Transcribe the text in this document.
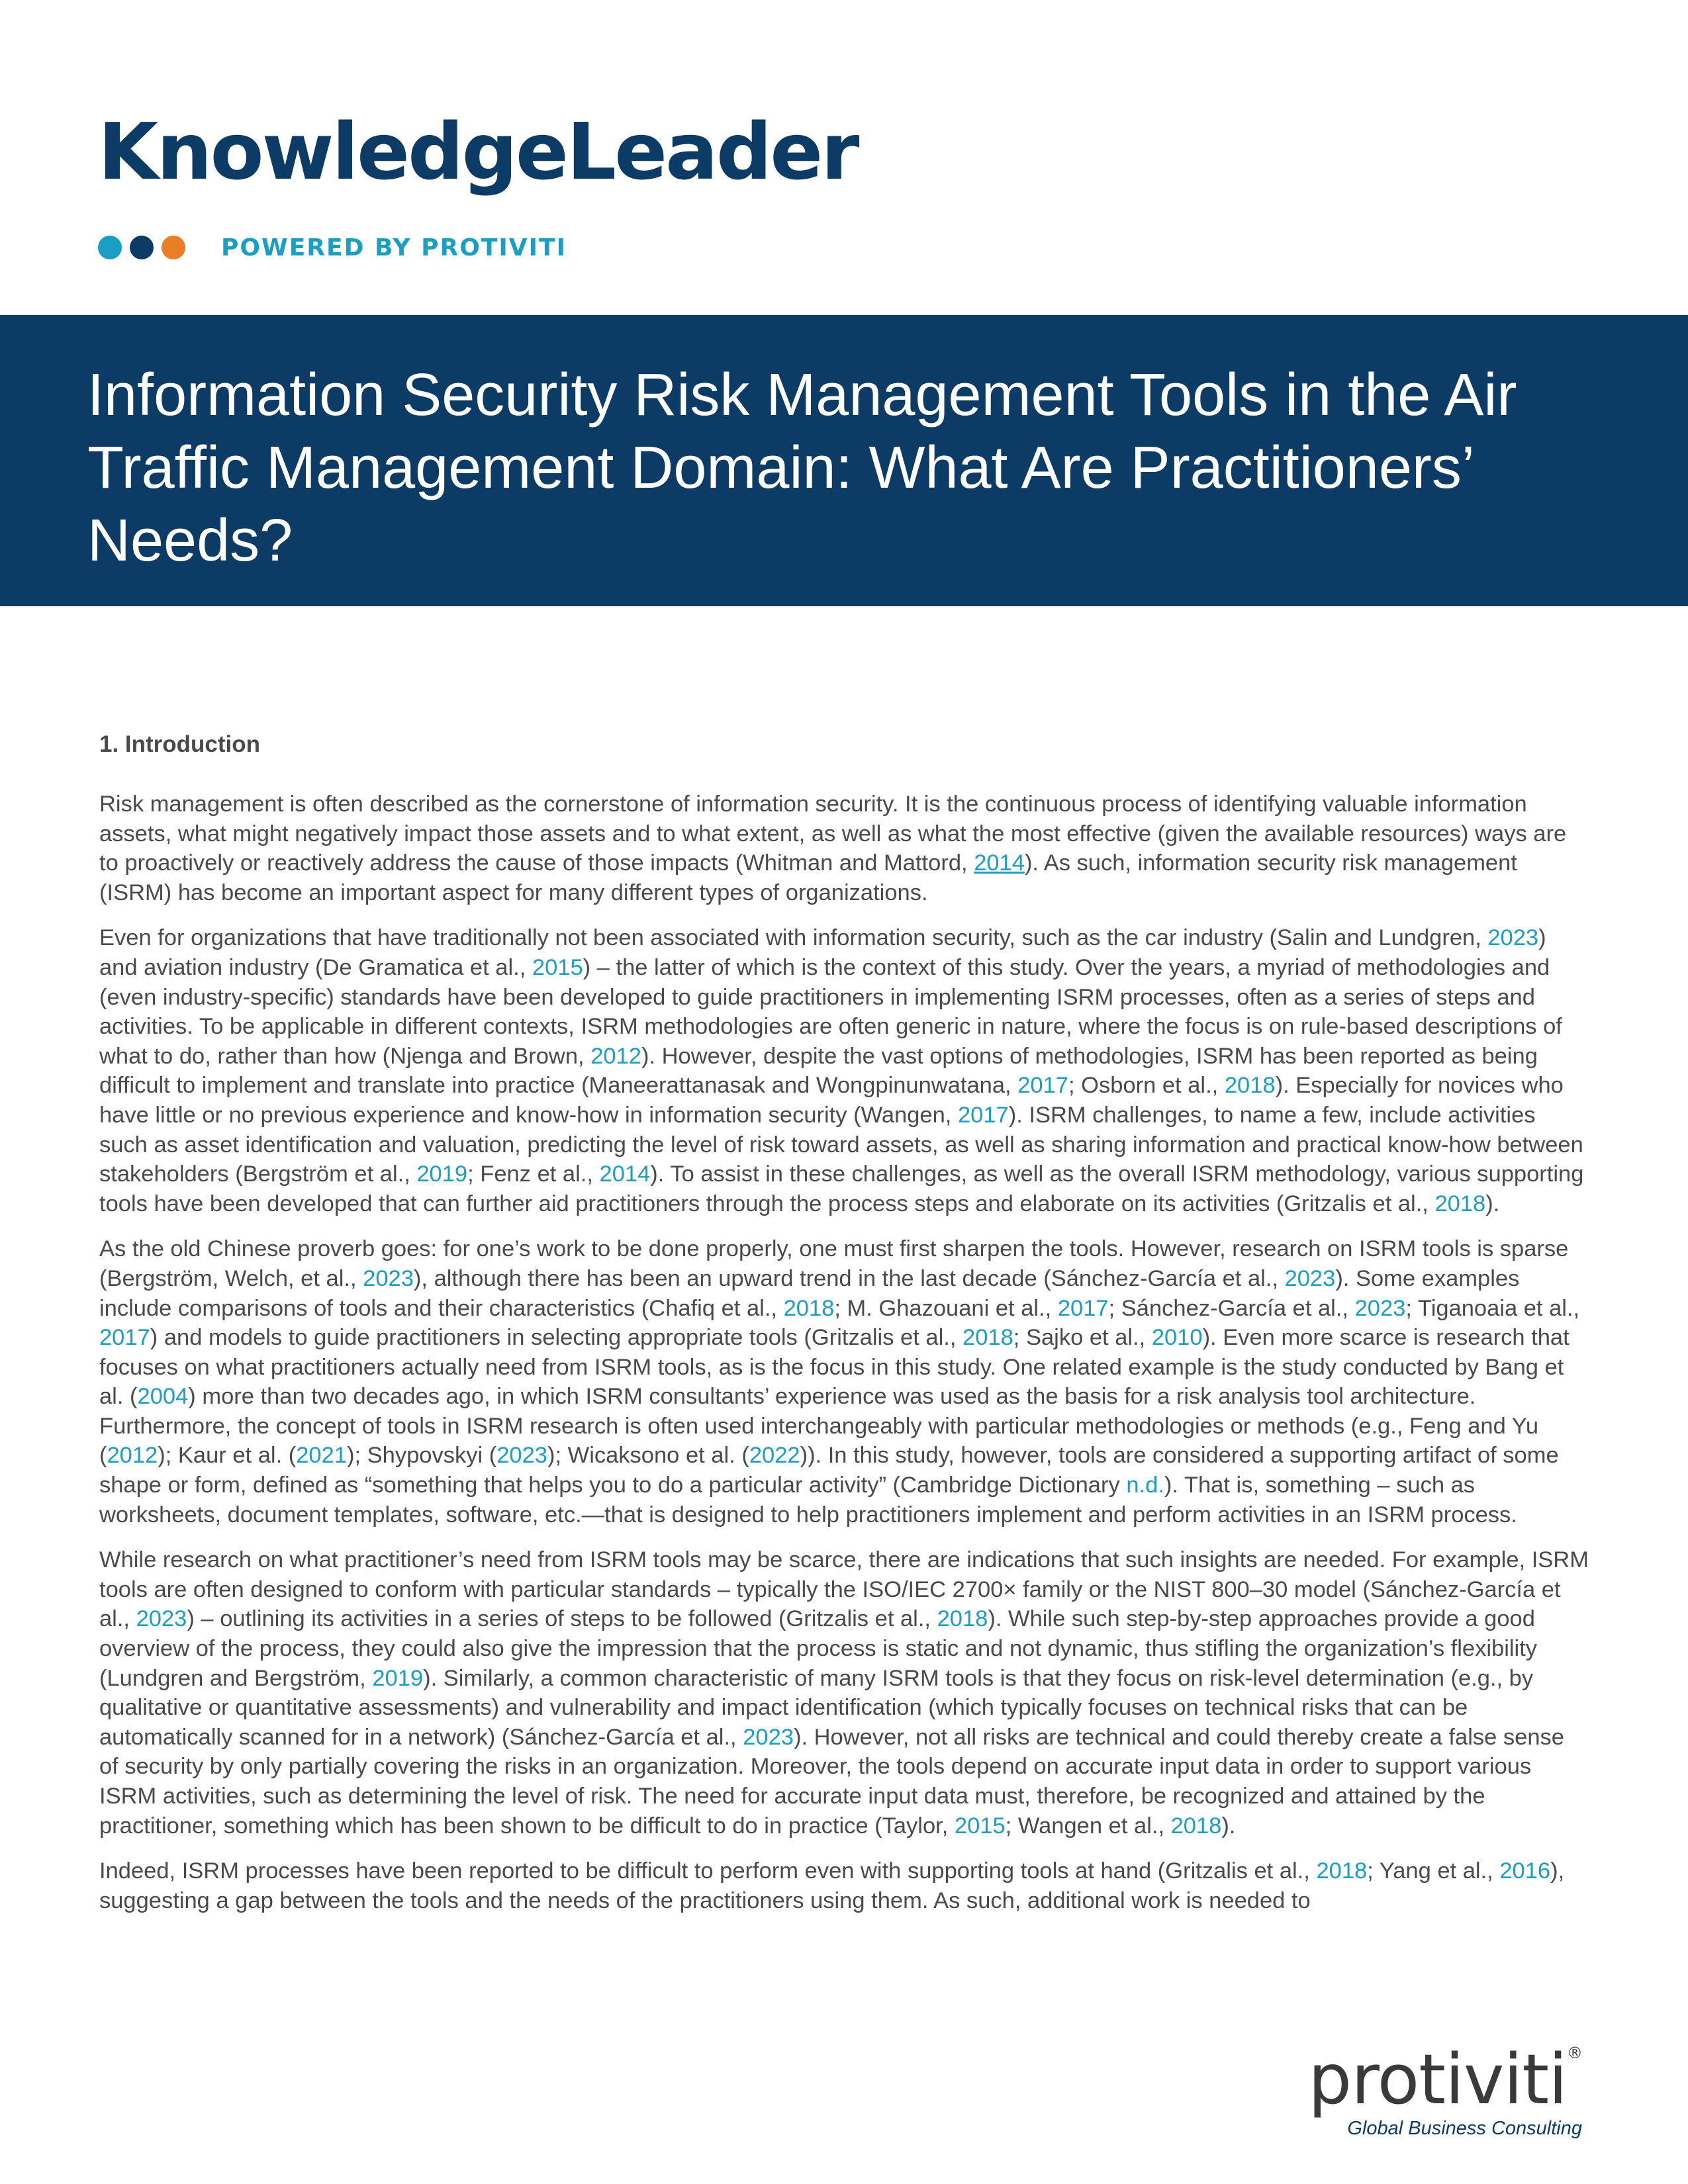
KnowledgeLeader
POWERED BY PROTIVITI
Information Security Risk Management Tools in the Air Traffic Management Domain: What Are Practitioners’ Needs?
1. Introduction

Risk management is often described as the cornerstone of information security. It is the continuous process of identifying valuable information assets, what might negatively impact those assets and to what extent, as well as what the most effective (given the available resources) ways are to proactively or reactively address the cause of those impacts (Whitman and Mattord, 2014). As such, information security risk management (ISRM) has become an important aspect for many different types of organizations.

Even for organizations that have traditionally not been associated with information security, such as the car industry (Salin and Lundgren, 2023) and aviation industry (De Gramatica et al., 2015) – the latter of which is the context of this study. Over the years, a myriad of methodologies and (even industry-specific) standards have been developed to guide practitioners in implementing ISRM processes, often as a series of steps and activities. To be applicable in different contexts, ISRM methodologies are often generic in nature, where the focus is on rule-based descriptions of what to do, rather than how (Njenga and Brown, 2012). However, despite the vast options of methodologies, ISRM has been reported as being difficult to implement and translate into practice (Maneerattanasak and Wongpinunwatana, 2017; Osborn et al., 2018). Especially for novices who have little or no previous experience and know-how in information security (Wangen, 2017). ISRM challenges, to name a few, include activities such as asset identification and valuation, predicting the level of risk toward assets, as well as sharing information and practical know-how between stakeholders (Bergström et al., 2019; Fenz et al., 2014). To assist in these challenges, as well as the overall ISRM methodology, various supporting tools have been developed that can further aid practitioners through the process steps and elaborate on its activities (Gritzalis et al., 2018).

As the old Chinese proverb goes: for one’s work to be done properly, one must first sharpen the tools. However, research on ISRM tools is sparse (Bergström, Welch, et al., 2023), although there has been an upward trend in the last decade (Sánchez-García et al., 2023). Some examples include comparisons of tools and their characteristics (Chafiq et al., 2018; M. Ghazouani et al., 2017; Sánchez-García et al., 2023; Tiganoaia et al., 2017) and models to guide practitioners in selecting appropriate tools (Gritzalis et al., 2018; Sajko et al., 2010). Even more scarce is research that focuses on what practitioners actually need from ISRM tools, as is the focus in this study. One related example is the study conducted by Bang et al. (2004) more than two decades ago, in which ISRM consultants’ experience was used as the basis for a risk analysis tool architecture. Furthermore, the concept of tools in ISRM research is often used interchangeably with particular methodologies or methods (e.g., Feng and Yu (2012); Kaur et al. (2021); Shypovskyi (2023); Wicaksono et al. (2022)). In this study, however, tools are considered a supporting artifact of some shape or form, defined as “something that helps you to do a particular activity” (Cambridge Dictionary n.d.). That is, something – such as worksheets, document templates, software, etc.—that is designed to help practitioners implement and perform activities in an ISRM process.

While research on what practitioner’s need from ISRM tools may be scarce, there are indications that such insights are needed. For example, ISRM tools are often designed to conform with particular standards – typically the ISO/IEC 2700× family or the NIST 800–30 model (Sánchez-García et al., 2023) – outlining its activities in a series of steps to be followed (Gritzalis et al., 2018). While such step-by-step approaches provide a good overview of the process, they could also give the impression that the process is static and not dynamic, thus stifling the organization’s flexibility (Lundgren and Bergström, 2019). Similarly, a common characteristic of many ISRM tools is that they focus on risk-level determination (e.g., by qualitative or quantitative assessments) and vulnerability and impact identification (which typically focuses on technical risks that can be automatically scanned for in a network) (Sánchez-García et al., 2023). However, not all risks are technical and could thereby create a false sense of security by only partially covering the risks in an organization. Moreover, the tools depend on accurate input data in order to support various ISRM activities, such as determining the level of risk. The need for accurate input data must, therefore, be recognized and attained by the practitioner, something which has been shown to be difficult to do in practice (Taylor, 2015; Wangen et al., 2018).

Indeed, ISRM processes have been reported to be difficult to perform even with supporting tools at hand (Gritzalis et al., 2018; Yang et al., 2016), suggesting a gap between the tools and the needs of the practitioners using them. As such, additional work is needed to

protiviti®
Global Business Consulting
